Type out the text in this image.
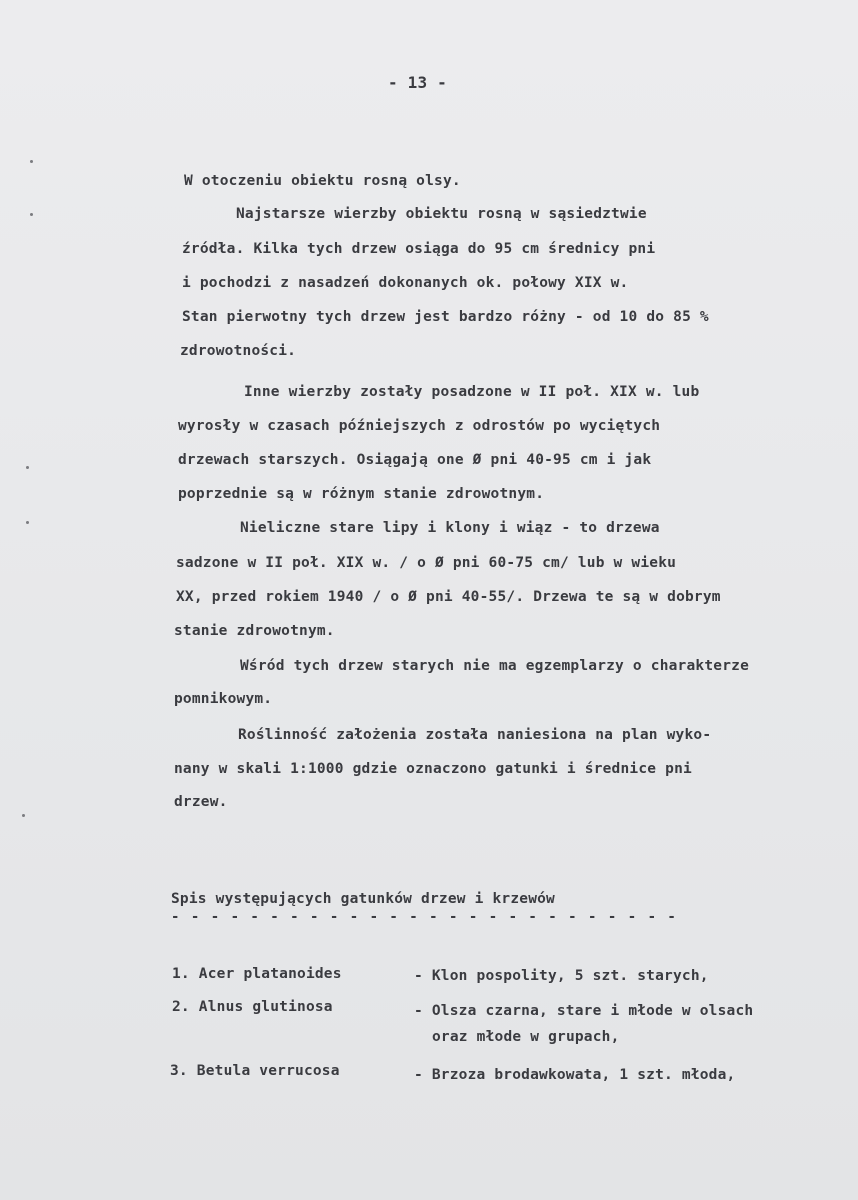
- 13 -
W otoczeniu obiektu rosną olsy.
Najstarsze wierzby obiektu rosną w sąsiedztwie
źródła. Kilka tych drzew osiąga do 95 cm średnicy pni
i pochodzi z nasadzeń dokonanych ok. połowy XIX w.
Stan pierwotny tych drzew jest bardzo różny - od 10 do 85 %
zdrowotności.
Inne wierzby zostały posadzone w II poł. XIX w. lub
wyrosły w czasach późniejszych z odrostów po wyciętych
drzewach starszych. Osiągają one Ø pni 40-95 cm i jak
poprzednie są w różnym stanie zdrowotnym.
Nieliczne stare lipy i klony i wiąz - to drzewa
sadzone w II poł. XIX w. / o Ø pni 60-75 cm/ lub w wieku
XX, przed rokiem 1940 / o Ø pni 40-55/. Drzewa te są w dobrym
stanie zdrowotnym.
Wśród tych drzew starych nie ma egzemplarzy o charakterze
pomnikowym.
Roślinność założenia została naniesiona na plan wyko-
nany w skali 1:1000 gdzie oznaczono gatunki i średnice pni
drzew.
Spis występujących gatunków drzew i krzewów
- - - - - - - - - - - - - - - - - - - - - - - - - -
1. Acer platanoides	- Klon pospolity, 5 szt. starych,
2. Alnus glutinosa	- Olsza czarna, stare i młode w olsach
oraz młode w grupach,
3. Betula verrucosa	- Brzoza brodawkowata, 1 szt. młoda,
